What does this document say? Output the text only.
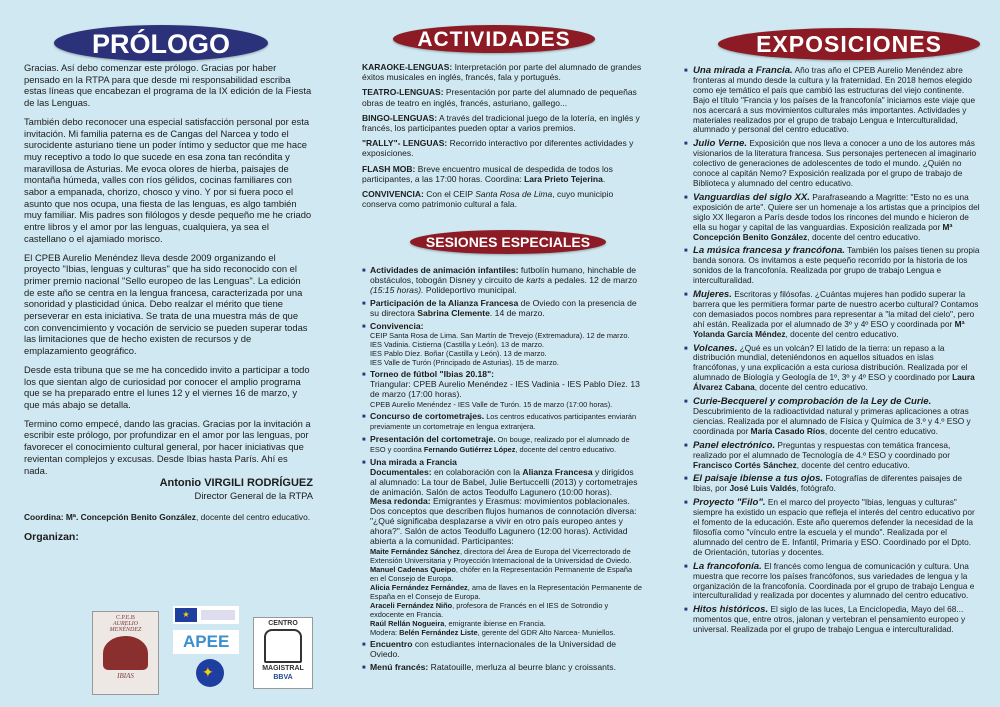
PRÓLOGO	ACTIVIDADES	EXPOSICIONES
SESIONES ESPECIALES

Gracias. Así debo comenzar este prólogo. Gracias por haber pensado en la RTPA para que desde mi responsabilidad escriba estas líneas que encabezan el programa de la IX edición de la Fiesta de las Lenguas.

También debo reconocer una especial satisfacción personal por esta invitación. Mi familia paterna es de Cangas del Narcea y todo el surocidente asturiano tiene un poder íntimo y seductor que me hace muy receptivo a todo lo que sucede en esa zona tan recóndita y maravillosa de Asturias. Me evoca olores de hierba, paisajes de montaña húmeda, valles con ríos gélidos, cocinas familiares con sabor a empanada, chorizo, chosco y vino. Y por si fuera poco el asunto que nos ocupa, una fiesta de las lenguas, es algo también muy familiar. Mis padres son filólogos y desde pequeño me he criado entre libros y el amor por las lenguas, cualquiera, ya sea el castellano o el ajamiado morisco.

El CPEB Aurelio Menéndez lleva desde 2009 organizando el proyecto "Ibias, lenguas y culturas" que ha sido reconocido con el primer premio nacional "Sello europeo de las Lenguas". La edición de este año se centra en la lengua francesa, caracterizada por una sonoridad y plasticidad única. Debo realzar el mérito que tiene perseverar en esta iniciativa. Se trata de una muestra más de que con convencimiento y vocación de servicio se pueden superar todas las limitaciones que de hecho existen de recursos y de emplazamiento geográfico.

Desde esta tribuna que se me ha concedido invito a participar a todo los que sientan algo de curiosidad por conocer el amplio programa que se ha preparado entre el lunes 12 y el viernes 16 de marzo, y que más abajo se detalla.

Termino como empecé, dando las gracias. Gracias por la invitación a escribir este prólogo, por profundizar en el amor por las lenguas, por favorecer el conocimiento cultural general, por hacer iniciativas que revientan complejos y excusas. Desde Ibias hasta París. Ahí es nada.

Antonio VIRGILI RODRÍGUEZ

Director General de la RTPA

Coordina: Mª. Concepción Benito González, docente del centro educativo.

Organizan:

C.P.E.B
AURELIO
MENÉNDEZ
IBIAS
★
APEE
✦
CENTRO
MAGISTRAL
BBVA

KARAOKE-LENGUAS: Interpretación por parte del alumnado de grandes éxitos musicales en inglés, francés, fala y portugués.

TEATRO-LENGUAS: Presentación por parte del alumnado de pequeñas obras de teatro en inglés, francés, asturiano, gallego...

BINGO-LENGUAS: A través del tradicional juego de la lotería, en inglés y francés, los participantes pueden optar a varios premios.

"RALLY"- LENGUAS: Recorrido interactivo por diferentes actividades y exposiciones.

FLASH MOB: Breve encuentro musical de despedida de todos los participantes, a las 17:00 horas. Coordina: Lara Prieto Tejerina.

CONVIVENCIA: Con el CEIP Santa Rosa de Lima, cuyo municipio conserva como patrimonio cultural a fala.

■ Actividades de animación infantiles: futbolín humano, hinchable de obstáculos, tobogán Disney y circuito de karts a pedales. 12 de marzo (15:15 horas). Polideportivo municipal.

■ Participación de la Alianza Francesa de Oviedo con la presencia de su directora Sabrina Clemente. 14 de marzo.

■ Convivencia:
CEIP Santa Rosa de Lima. San Martín de Trevejo (Extremadura). 12 de marzo.
IES Vadinia. Cistierna (Castilla y León). 13 de marzo.
IES Pablo Díez. Boñar (Castilla y León). 13 de marzo.
IES Valle de Turón (Principado de Asturias). 15 de marzo.
■ Torneo de fútbol "Ibias 20.18":
Triangular: CPEB Aurelio Menéndez - IES Vadinia - IES Pablo Díez. 13 de marzo (17:00 horas).
CPEB Aurelio Menéndez - IES Valle de Turón. 15 de marzo (17:00 horas).

■ Concurso de cortometrajes. Los centros educativos participantes enviarán previamente un cortometraje en lengua extranjera.

■ Presentación del cortometraje. On bouge, realizado por el alumnado de ESO y coordina Fernando Gutiérrez López, docente del centro educativo.

■ Una mirada a Francia
Documentales: en colaboración con la Alianza Francesa y dirigidos al alumnado: La tour de Babel, Julie Bertuccelli (2013) y cortometrajes de animación. Salón de actos Teodulfo Lagunero (10:00 horas).
Mesa redonda: Emigrantes y Erasmus: movimientos poblacionales. Dos conceptos que describen flujos humanos de connotación diversa: "¿Qué significaba desplazarse a vivir en otro país europeo antes y ahora?". Salón de actos Teodulfo Lagunero (12:00 horas). Actividad abierta a la comunidad. Participantes:
Maite Fernández Sánchez, directora del Área de Europa del Vicerrectorado de Extensión Universitaria y Proyección Internacional de la Universidad de Oviedo.
Manuel Cadenas Queipo, chófer en la Representación Permanente de España en el Consejo de Europa.
Alicia Fernández Fernández, ama de llaves en la Representación Permanente de España en el Consejo de Europa.
Araceli Fernández Niño, profesora de Francés en el IES de Sotrondio y exdocente en Francia.
Raúl Rellán Nogueira, emigrante ibiense en Francia.
Modera: Belén Fernández Liste, gerente del GDR Alto Narcea- Muniellos.

■ Encuentro con estudiantes internacionales de la Universidad de Oviedo.

■ Menú francés: Ratatouille, merluza al beurre blanc y croissants.

■ Una mirada a Francia. Año tras año el CPEB Aurelio Menéndez abre fronteras al mundo desde la cultura y la fraternidad. En 2018 hemos elegido como eje temático el país que cambió las estructuras del viejo continente. Bajo el título "Francia y los países de la francofonía" iniciamos este viaje que nos acercará a sus movimientos culturales más importantes. Actividades y materiales realizados por el grupo de trabajo Lengua e Interculturalidad, alumnado y personal del centro educativo.

■ Julio Verne. Exposición que nos lleva a conocer a uno de los autores más visionarios de la literatura francesa. Sus personajes pertenecen al imaginario colectivo de generaciones de adolescentes de todo el mundo. ¿Quién no conoce al capitán Nemo? Exposición realizada por el grupo de trabajo de Biblioteca y alumnado del centro educativo.

■ Vanguardias del siglo XX. Parafraseando a Magritte: "Esto no es una exposición de arte". Quiere ser un homenaje a los artistas que a principios del siglo XX llegaron a París desde todos los rincones del mundo e hicieron de ella su hogar y capital de las vanguardias. Exposición realizada por Mª Concepción Benito González, docente del centro educativo.

■ La música francesa y francófona. También los países tienen su propia banda sonora. Os invitamos a este pequeño recorrido por la historia de los sonidos de la francofonía. Realizada por grupo de trabajo Lengua e interculturalidad.

■ Mujeres. Escritoras y filósofas. ¿Cuántas mujeres han podido superar la barrera que les permitiera formar parte de nuestro acerbo cultural? Contamos con demasiados pocos nombres para representar a "la mitad del cielo", pero ahí están. Realizada por el alumnado de 3º y 4º ESO y coordinada por Mª Yolanda García Méndez, docente del centro educativo.

■ Volcanes. ¿Qué es un volcán? El latido de la tierra: un repaso a la distribución mundial, deteniéndonos en aquellos situados en islas francófonas, y una explicación a esta curiosa distribución. Realizada por el alumnado de Biología y Geología de 1º, 3º y 4º ESO y coordinado por Laura Álvarez Cabana, docente del centro educativo.

■ Curie-Becquerel y comprobación de la Ley de Curie. Descubrimiento de la radioactividad natural y primeras aplicaciones a otras ciencias. Realizada por el alumnado de Física y Química de 3.º y 4.º ESO y coordinada por María Casado Ríos, docente del centro educativo.

■ Panel electrónico. Preguntas y respuestas con temática francesa, realizado por el alumnado de Tecnología de 4.º ESO y coordinado por Francisco Cortés Sánchez, docente del centro educativo.

■ El paisaje ibiense a tus ojos. Fotografías de diferentes paisajes de Ibias, por José Luis Valdés, fotógrafo.

■ Proyecto "Filo". En el marco del proyecto "Ibias, lenguas y culturas" siempre ha existido un espacio que refleja el interés del centro educativo por el fomento de la educación. Este año queremos defender la necesidad de la filosofía como "vínculo entre la escuela y el mundo". Realizada por el alumnado del centro de E. Infantil, Primaria y ESO. Coordinado por el Dpto. de Orientación, tutorías y docentes.

■ La francofonía. El francés como lengua de comunicación y cultura. Una muestra que recorre los países francófonos, sus variedades de lengua y la organización de la francofonía. Coordinada por el grupo de trabajo Lengua e interculturalidad y realizada por docentes y alumnado del centro educativo.

■ Hitos históricos. El siglo de las luces, La Enciclopedia, Mayo del 68... momentos que, entre otros, jalonan y vertebran el pensamiento europeo y universal. Realizada por el grupo de trabajo Lengua e interculturalidad.
